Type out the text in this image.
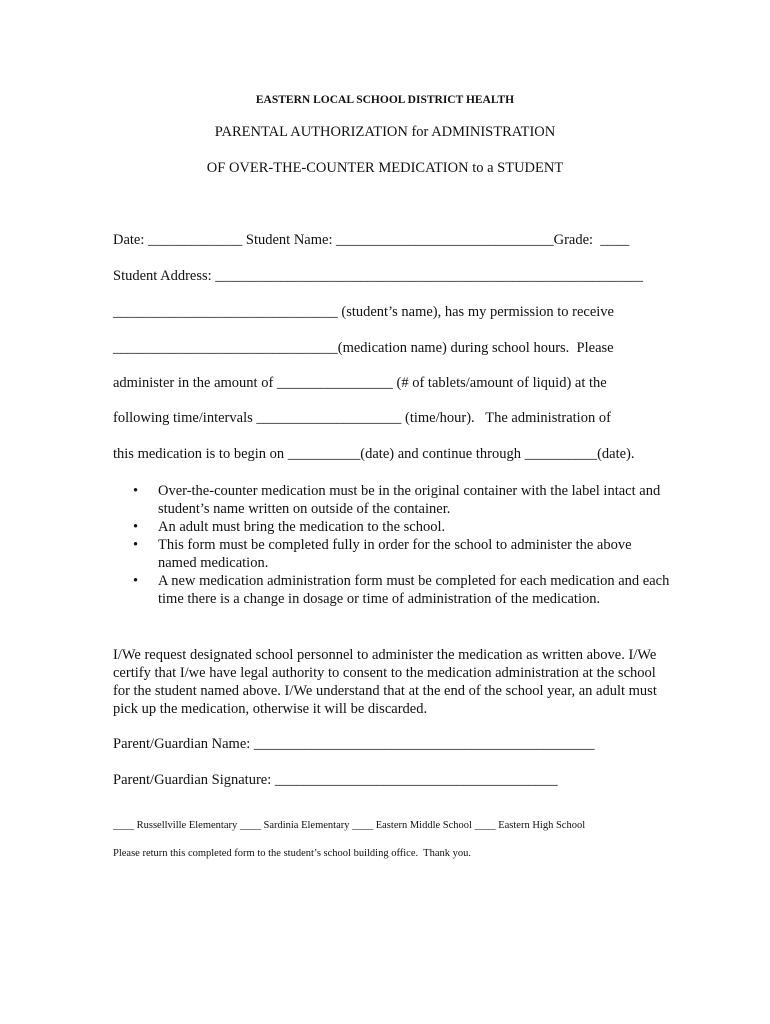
EASTERN LOCAL SCHOOL DISTRICT HEALTH
PARENTAL AUTHORIZATION for ADMINISTRATION
OF OVER-THE-COUNTER MEDICATION to a STUDENT
Date: _____________ Student Name: ______________________________Grade:  ____
Student Address: ___________________________________________________________
_______________________________ (student’s name), has my permission to receive
_______________________________(medication name) during school hours.  Please
administer in the amount of ________________ (# of tablets/amount of liquid) at the
following time/intervals ____________________ (time/hour).   The administration of
this medication is to begin on __________(date) and continue through __________(date).
• Over-the-counter medication must be in the original container with the label intact and student’s name written on outside of the container.
• An adult must bring the medication to the school.
• This form must be completed fully in order for the school to administer the above named medication.
• A new medication administration form must be completed for each medication and each time there is a change in dosage or time of administration of the medication.

I/We request designated school personnel to administer the medication as written above. I/We certify that I/we have legal authority to consent to the medication administration at the school for the student named above. I/We understand that at the end of the school year, an adult must pick up the medication, otherwise it will be discarded.

Parent/Guardian Name: _______________________________________________
Parent/Guardian Signature: _______________________________________
____ Russellville Elementary ____ Sardinia Elementary ____ Eastern Middle School ____ Eastern High School
Please return this completed form to the student’s school building office.  Thank you.
